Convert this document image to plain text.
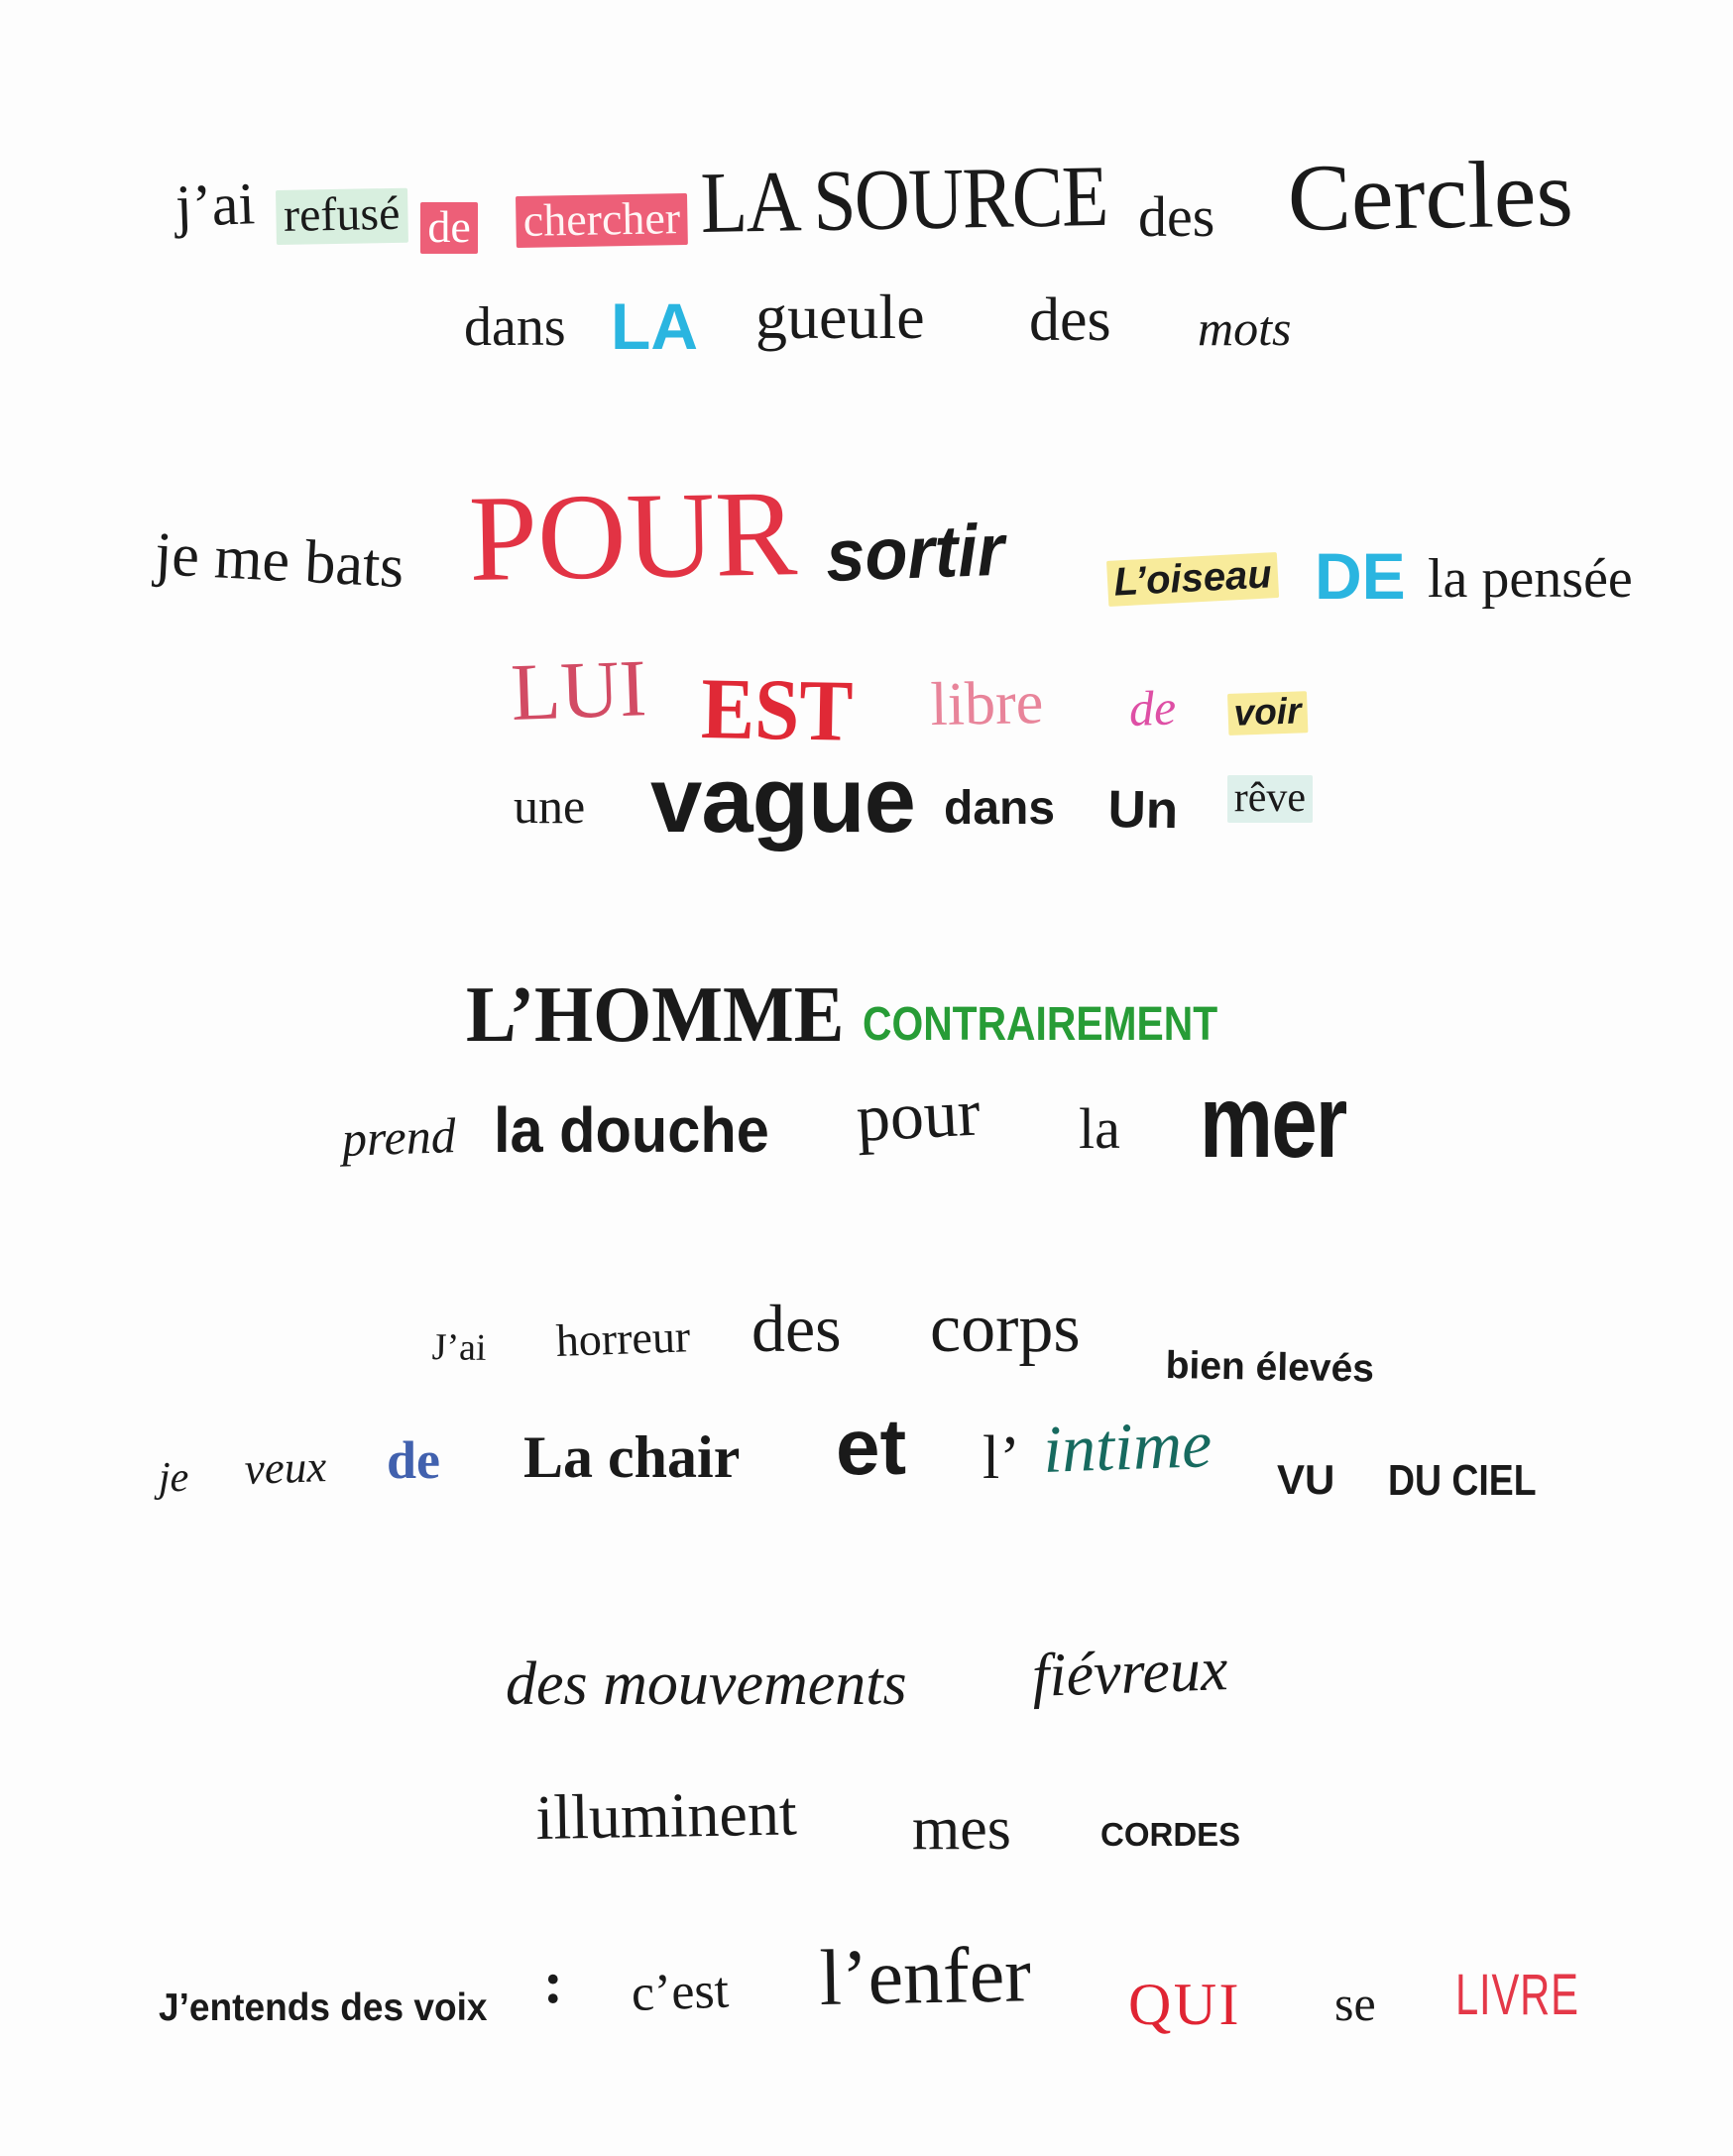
j’ai refusé de chercher LA SOURCE des Cercles
dans LA gueule des mots
je me bats POUR sortir	L’oiseau DE la pensée
LUI EST libre de voir
une vague dans Un rêve
L’HOMME CONTRAIREMENT
prend la douche pour la mer
J’ai horreur des corps
bien élevés
je veux de La chair et l’ intime VU DU CIEL
des mouvements fiévreux
illuminent mes	CORDES
J’entends des voix : c’est l’enfer QUI se LIVRE
